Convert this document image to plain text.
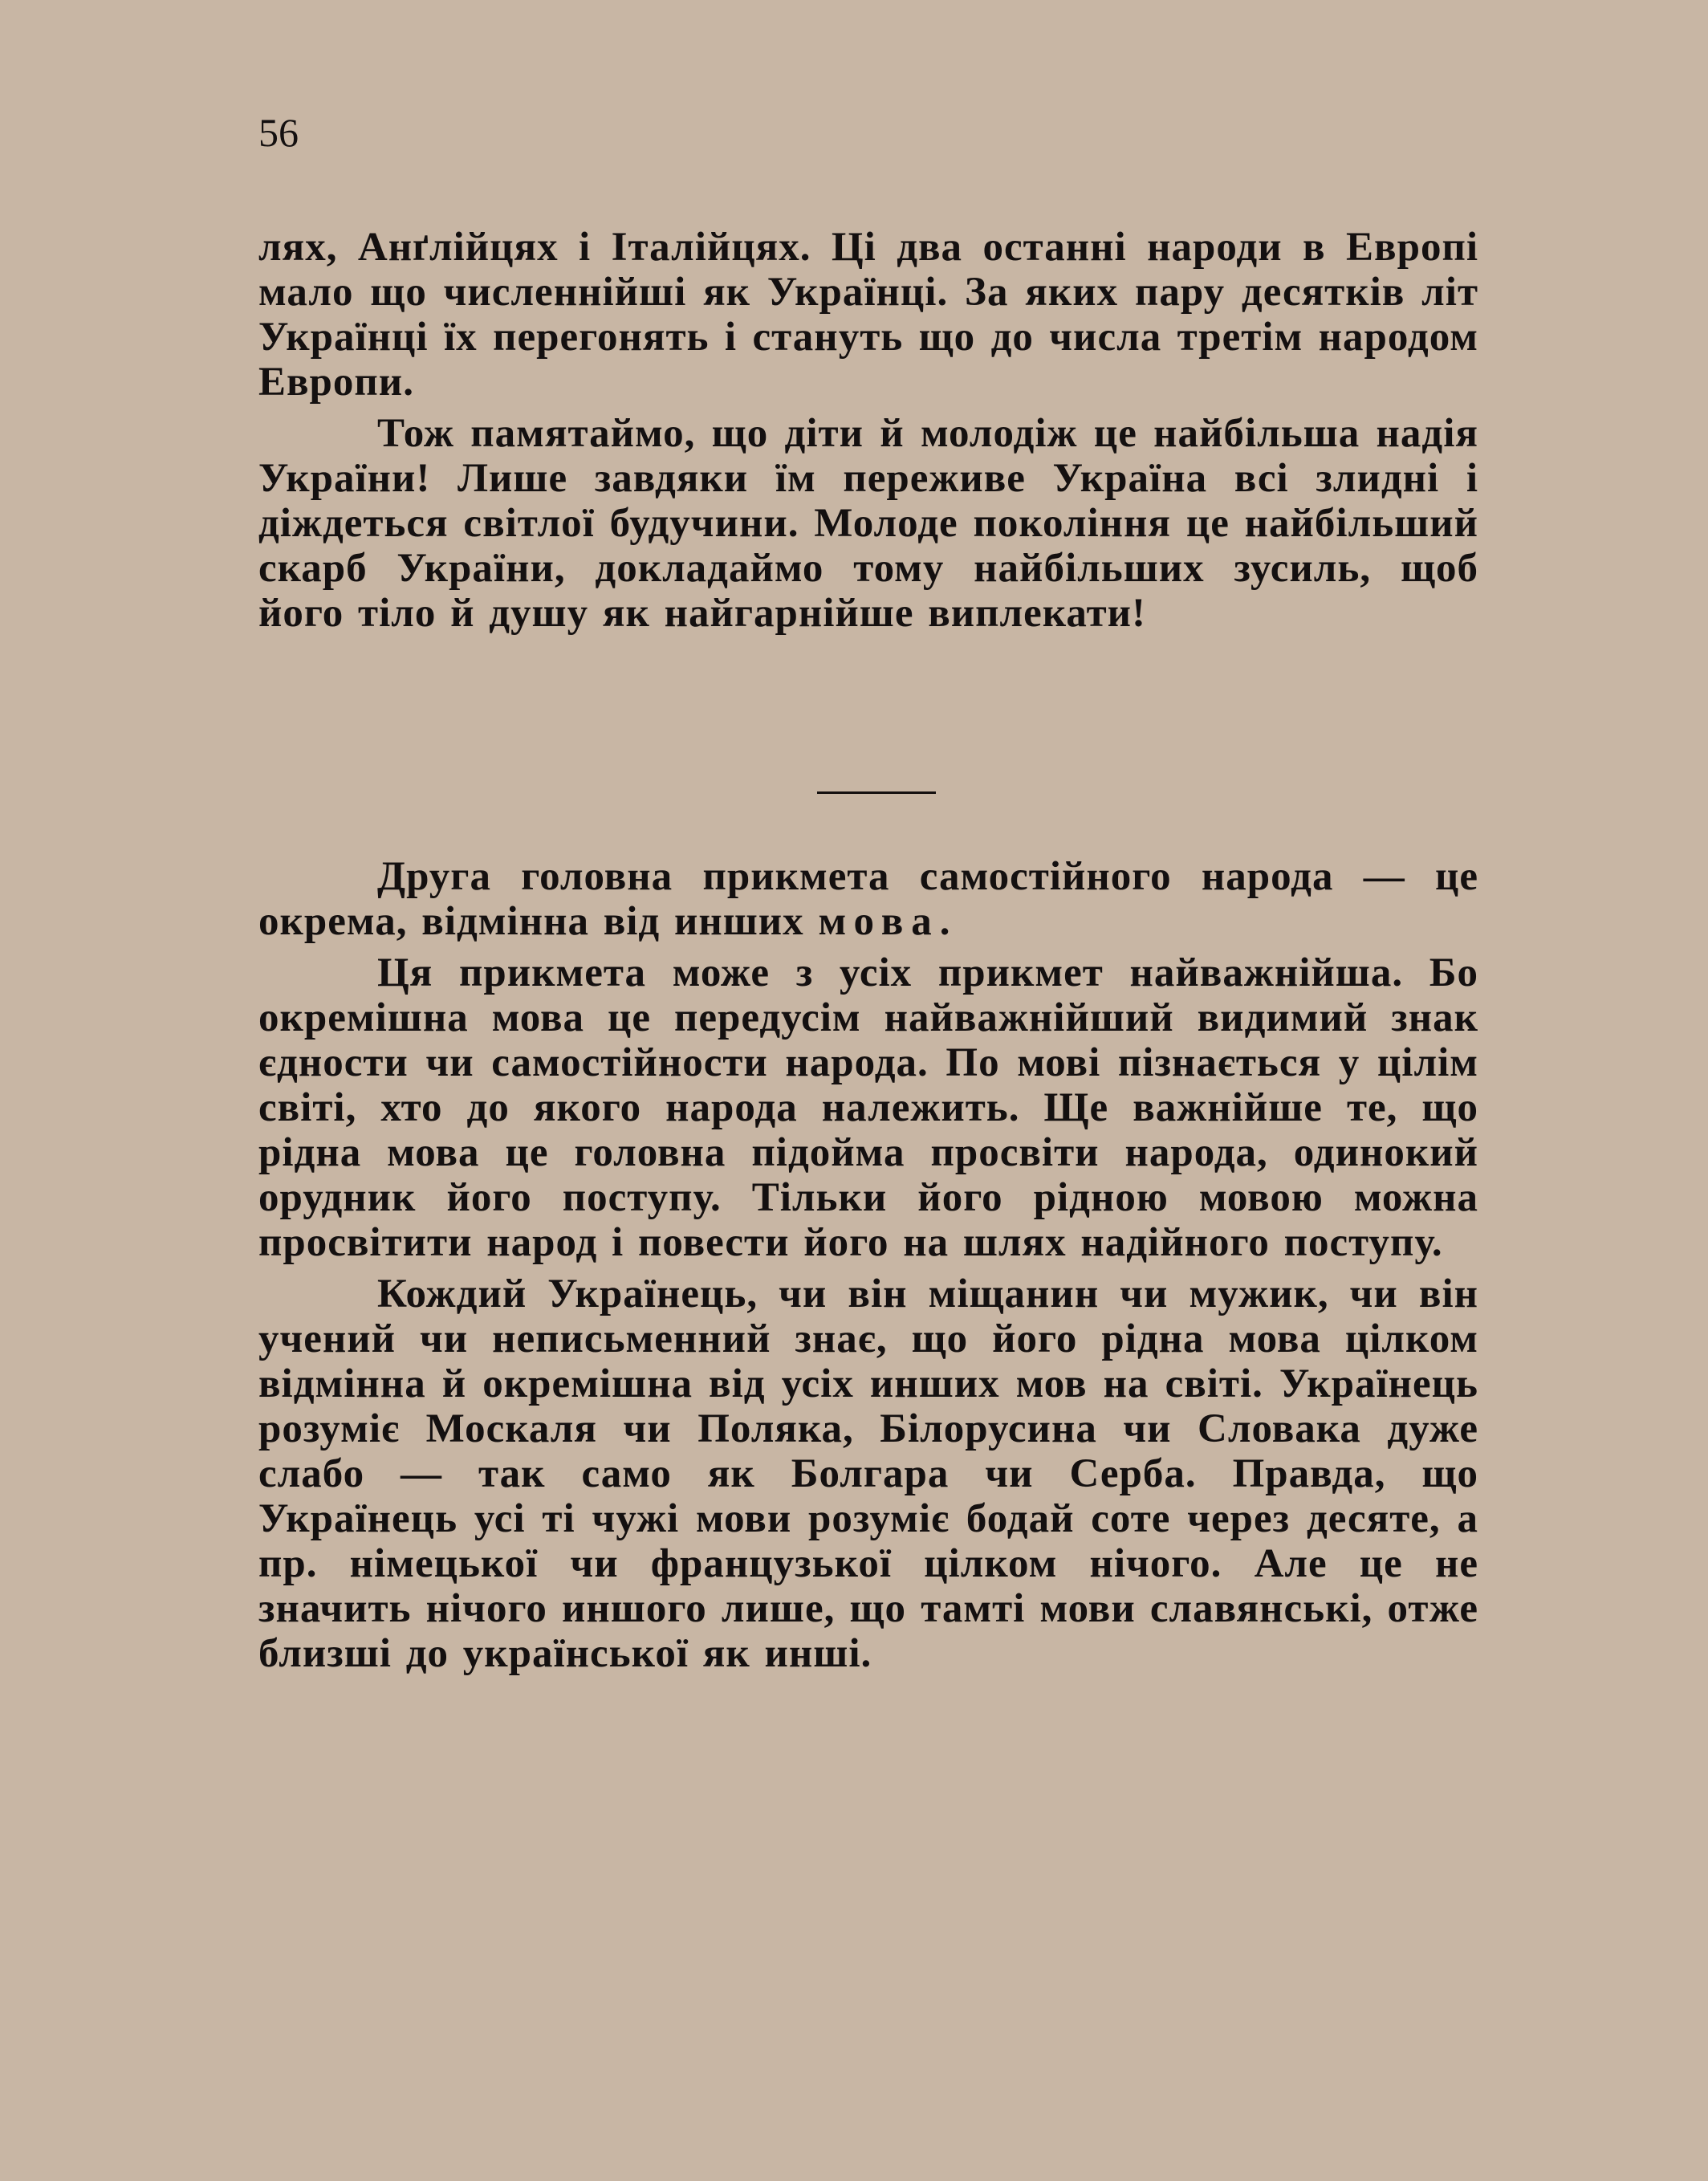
56

лях, Анґлійцях і Італійцях. Ці два останні народи в Европі мало що численнійші як Українці. За яких пару десятків літ Українці їх перегонять і стануть що до числа третім народом Европи.

Тож памятаймо, що діти й молодіж це найбільша надія України! Лише завдяки їм переживе Україна всі злидні і діждеться світлої будучини. Молоде покоління це найбільший скарб України, докладаймо тому найбільших зусиль, щоб його тіло й душу як найгарнійше виплекати!

Друга головна прикмета самостійного народа — це окрема, відмінна від инших мова.

Ця прикмета може з усіх прикмет найважнійша. Бо окремішна мова це передусім найважнійший видимий знак єдности чи самостійности народа. По мові пізнається у цілім світі, хто до якого народа належить. Ще важнійше те, що рідна мова це головна підойма просвіти народа, одинокий орудник його поступу. Тільки його рідною мовою можна просвітити народ і повести його на шлях надійного поступу.

Кождий Українець, чи він міщанин чи мужик, чи він учений чи неписьменний знає, що його рідна мова цілком відмінна й окремішна від усіх инших мов на світі. Українець розуміє Москаля чи Поляка, Білорусина чи Словака дуже слабо — так само як Болгара чи Серба. Правда, що Українець усі ті чужі мови розуміє бодай соте через десяте, а пр. німецької чи французької цілком нічого. Але це не значить нічого иншого лише, що тамті мови славянські, отже близші до української як инші.
